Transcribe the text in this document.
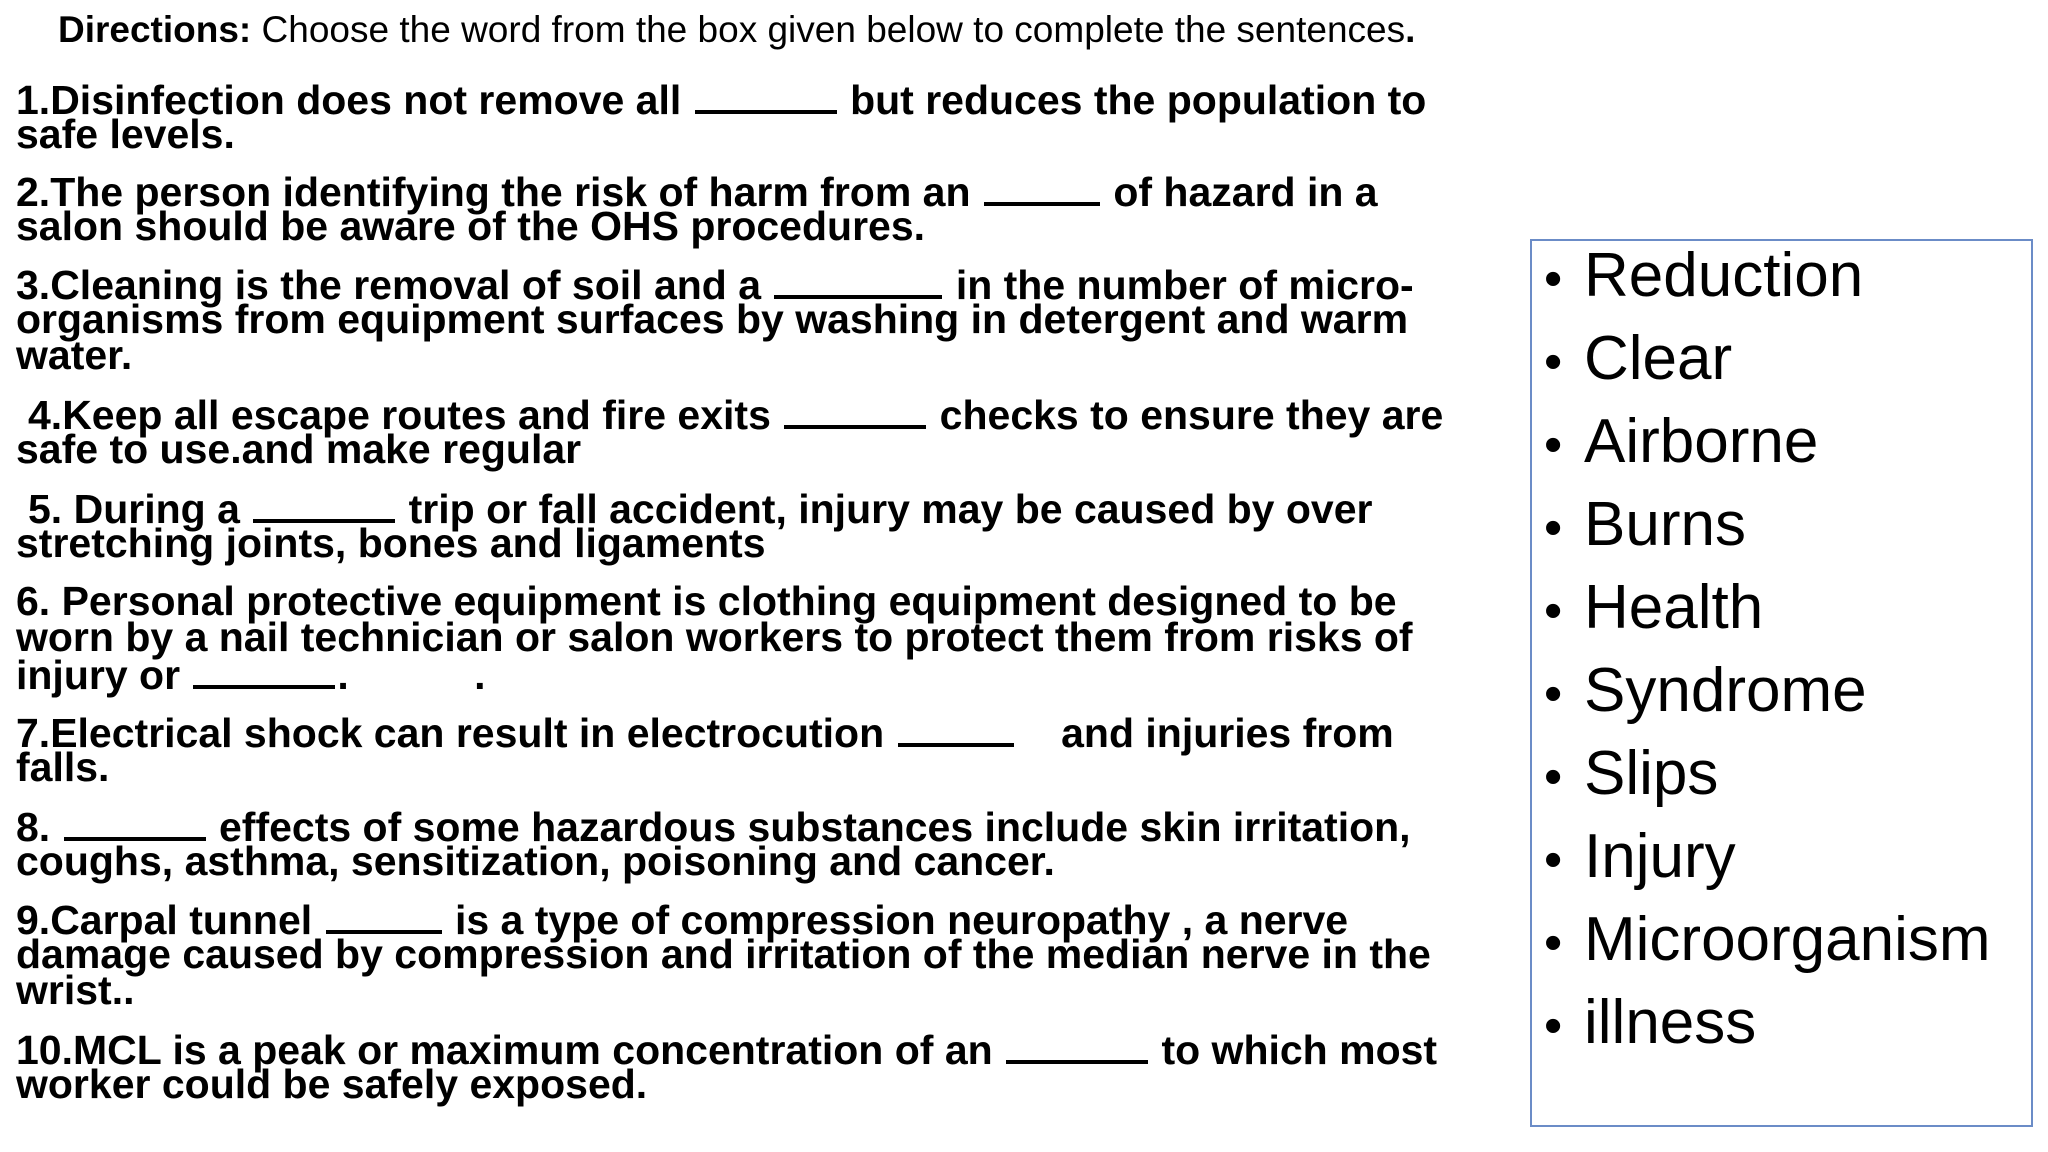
Directions: Choose the word from the box given below to complete the sentences.
1.Disinfection does not remove all	but reduces the population to
safe levels.
2.The person identifying the risk of harm from an	of hazard in a
salon should be aware of the OHS procedures.
3.Cleaning is the removal of soil and a	in the number of micro-
organisms from equipment surfaces by washing in detergent and warm
water.
4.Keep all escape routes and fire exits	checks to ensure they are
safe to use.and make regular
5. During a	trip or fall accident, injury may be caused by over
stretching joints, bones and ligaments
6. Personal protective equipment is clothing equipment designed to be
worn by a nail technician or salon workers to protect them from risks of
injury or	.           .
7.Electrical shock can result in electrocution	and injuries from
falls.
8.	effects of some hazardous substances include skin irritation,
coughs, asthma, sensitization, poisoning and cancer.
9.Carpal tunnel	is a type of compression neuropathy , a nerve
damage caused by compression and irritation of the median nerve in the
wrist..
10.MCL is a peak or maximum concentration of an	to which most
worker could be safely exposed.
• Reduction
• Clear
• Airborne
• Burns
• Health
• Syndrome
• Slips
• Injury
• Microorganism
• illness
